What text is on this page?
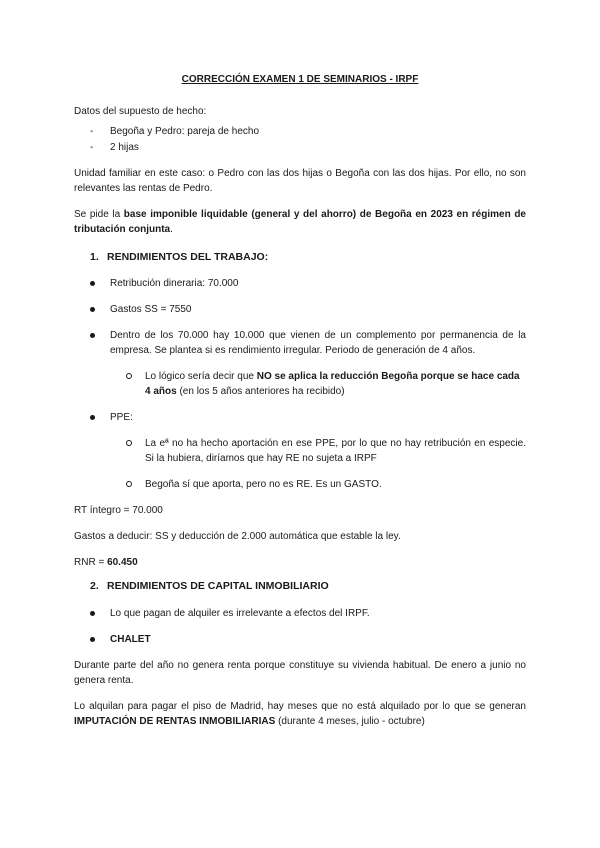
CORRECCIÓN EXAMEN 1 DE SEMINARIOS - IRPF
Datos del supuesto de hecho:
- Begoña y Pedro: pareja de hecho
- 2 hijas
Unidad familiar en este caso: o Pedro con las dos hijas o Begoña con las dos hijas. Por ello, no son relevantes las rentas de Pedro.
Se pide la base imponible liquidable (general y del ahorro) de Begoña en 2023 en régimen de tributación conjunta.
1. RENDIMIENTOS DEL TRABAJO:
Retribución dineraria: 70.000
Gastos SS = 7550
Dentro de los 70.000 hay 10.000 que vienen de un complemento por permanencia de la empresa. Se plantea si es rendimiento irregular. Periodo de generación de 4 años.
Lo lógico sería decir que NO se aplica la reducción Begoña porque se hace cada 4 años (en los 5 años anteriores ha recibido)
PPE:
La eª no ha hecho aportación en ese PPE, por lo que no hay retribución en especie. Si la hubiera, diríamos que hay RE no sujeta a IRPF
Begoña sí que aporta, pero no es RE. Es un GASTO.
RT íntegro = 70.000
Gastos a deducir: SS y deducción de 2.000 automática que estable la ley.
RNR = 60.450
2. RENDIMIENTOS DE CAPITAL INMOBILIARIO
Lo que pagan de alquiler es irrelevante a efectos del IRPF.
CHALET
Durante parte del año no genera renta porque constituye su vivienda habitual. De enero a junio no genera renta.
Lo alquilan para pagar el piso de Madrid, hay meses que no está alquilado por lo que se generan IMPUTACIÓN DE RENTAS INMOBILIARIAS (durante 4 meses, julio - octubre)
